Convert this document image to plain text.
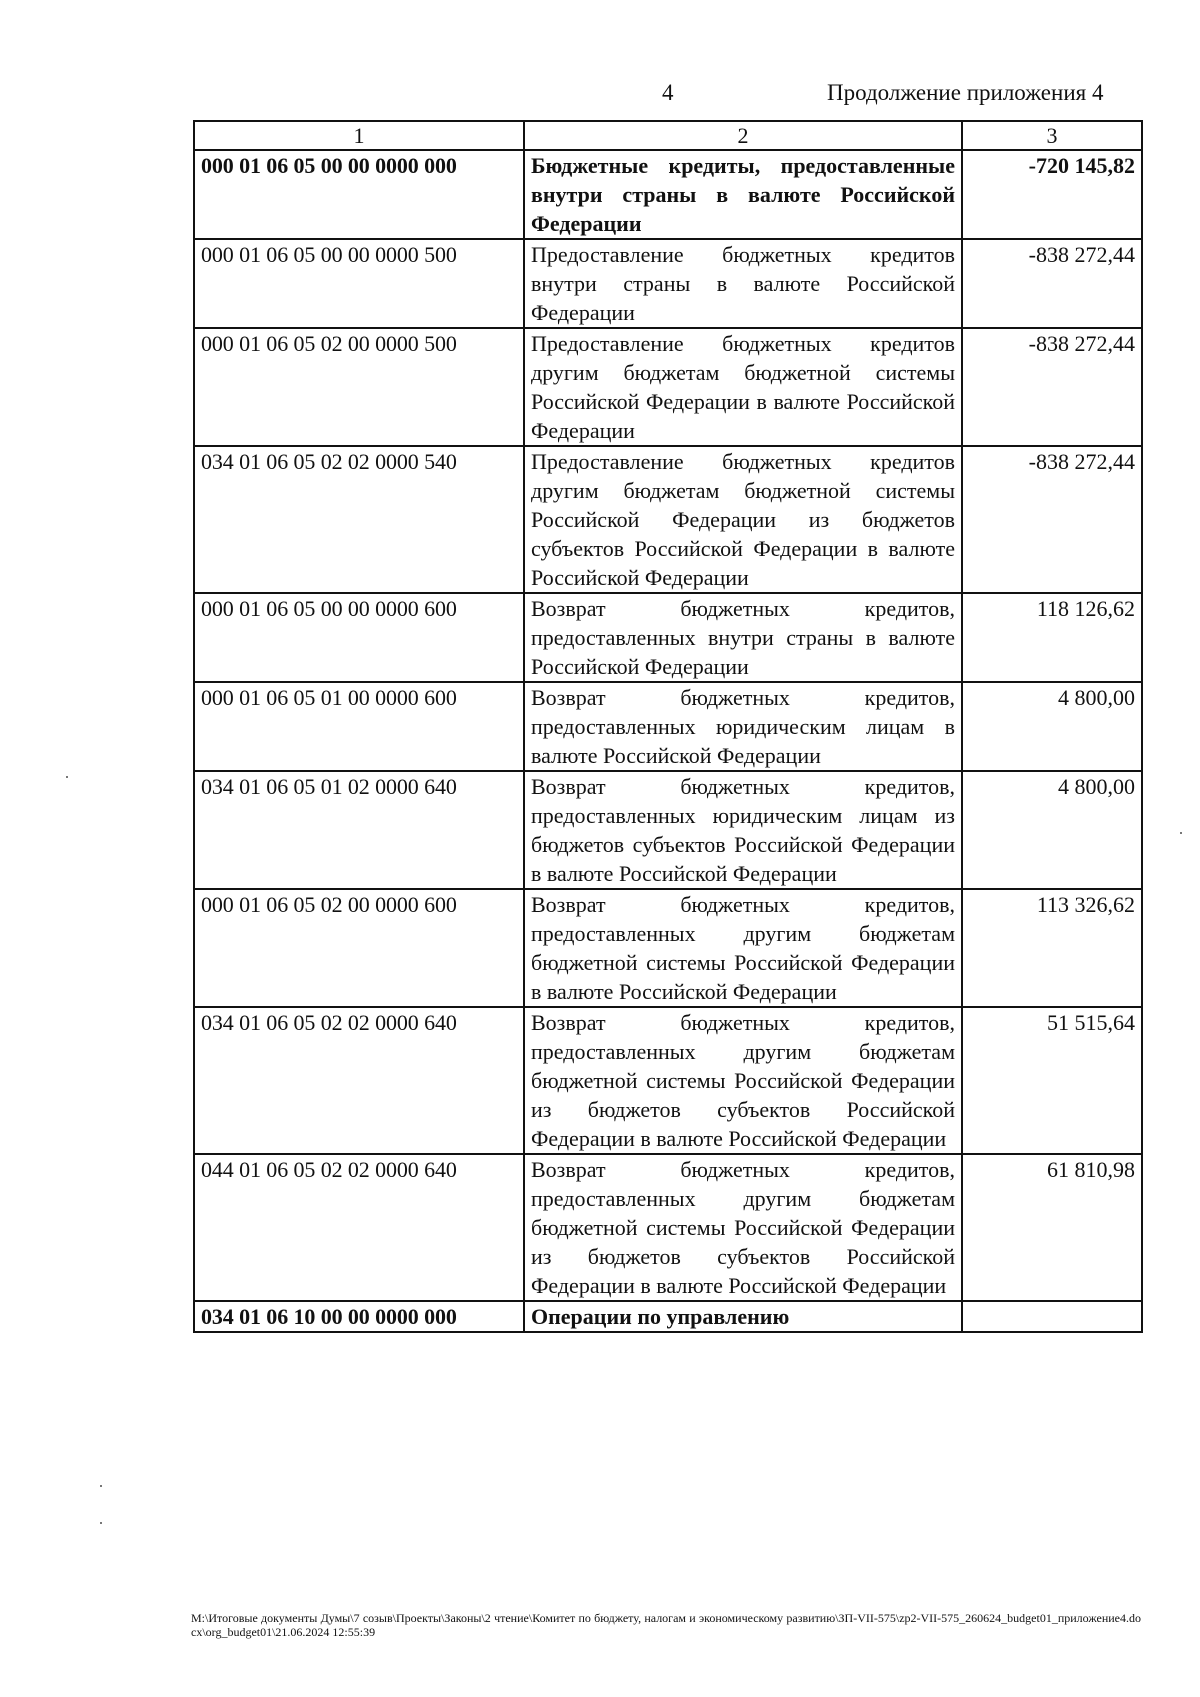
4	Продолжение приложения 4
1	2	3
000 01 06 05 00 00 0000 000	Бюджетные кредиты, предоставленные внутри страны в валюте Российской Федерации	-720 145,82
000 01 06 05 00 00 0000 500	Предоставление бюджетных кредитов внутри страны в валюте Российской Федерации	-838 272,44
000 01 06 05 02 00 0000 500	Предоставление бюджетных кредитов другим бюджетам бюджетной системы Российской Федерации в валюте Российской Федерации	-838 272,44
034 01 06 05 02 02 0000 540	Предоставление бюджетных кредитов другим бюджетам бюджетной системы Российской Федерации из бюджетов субъектов Российской Федерации в валюте Российской Федерации	-838 272,44
000 01 06 05 00 00 0000 600	Возврат бюджетных кредитов, предоставленных внутри страны в валюте Российской Федерации	118 126,62
000 01 06 05 01 00 0000 600	Возврат бюджетных кредитов, предоставленных юридическим лицам в валюте Российской Федерации	4 800,00
034 01 06 05 01 02 0000 640	Возврат бюджетных кредитов, предоставленных юридическим лицам из бюджетов субъектов Российской Федерации в валюте Российской Федерации	4 800,00
000 01 06 05 02 00 0000 600	Возврат бюджетных кредитов, предоставленных другим бюджетам бюджетной системы Российской Федерации в валюте Российской Федерации	113 326,62
034 01 06 05 02 02 0000 640	Возврат бюджетных кредитов, предоставленных другим бюджетам бюджетной системы Российской Федерации из бюджетов субъектов Российской Федерации в валюте Российской Федерации	51 515,64
044 01 06 05 02 02 0000 640	Возврат бюджетных кредитов, предоставленных другим бюджетам бюджетной системы Российской Федерации из бюджетов субъектов Российской Федерации в валюте Российской Федерации	61 810,98
034 01 06 10 00 00 0000 000	Операции по управлению	
M:\Итоговые документы Думы\7 созыв\Проекты\Законы\2 чтение\Комитет по бюджету, налогам и экономическому развитию\ЗП-VII-575\zp2-VII-575_260624_budget01_приложение4.docx\org_budget01\21.06.2024 12:55:39
